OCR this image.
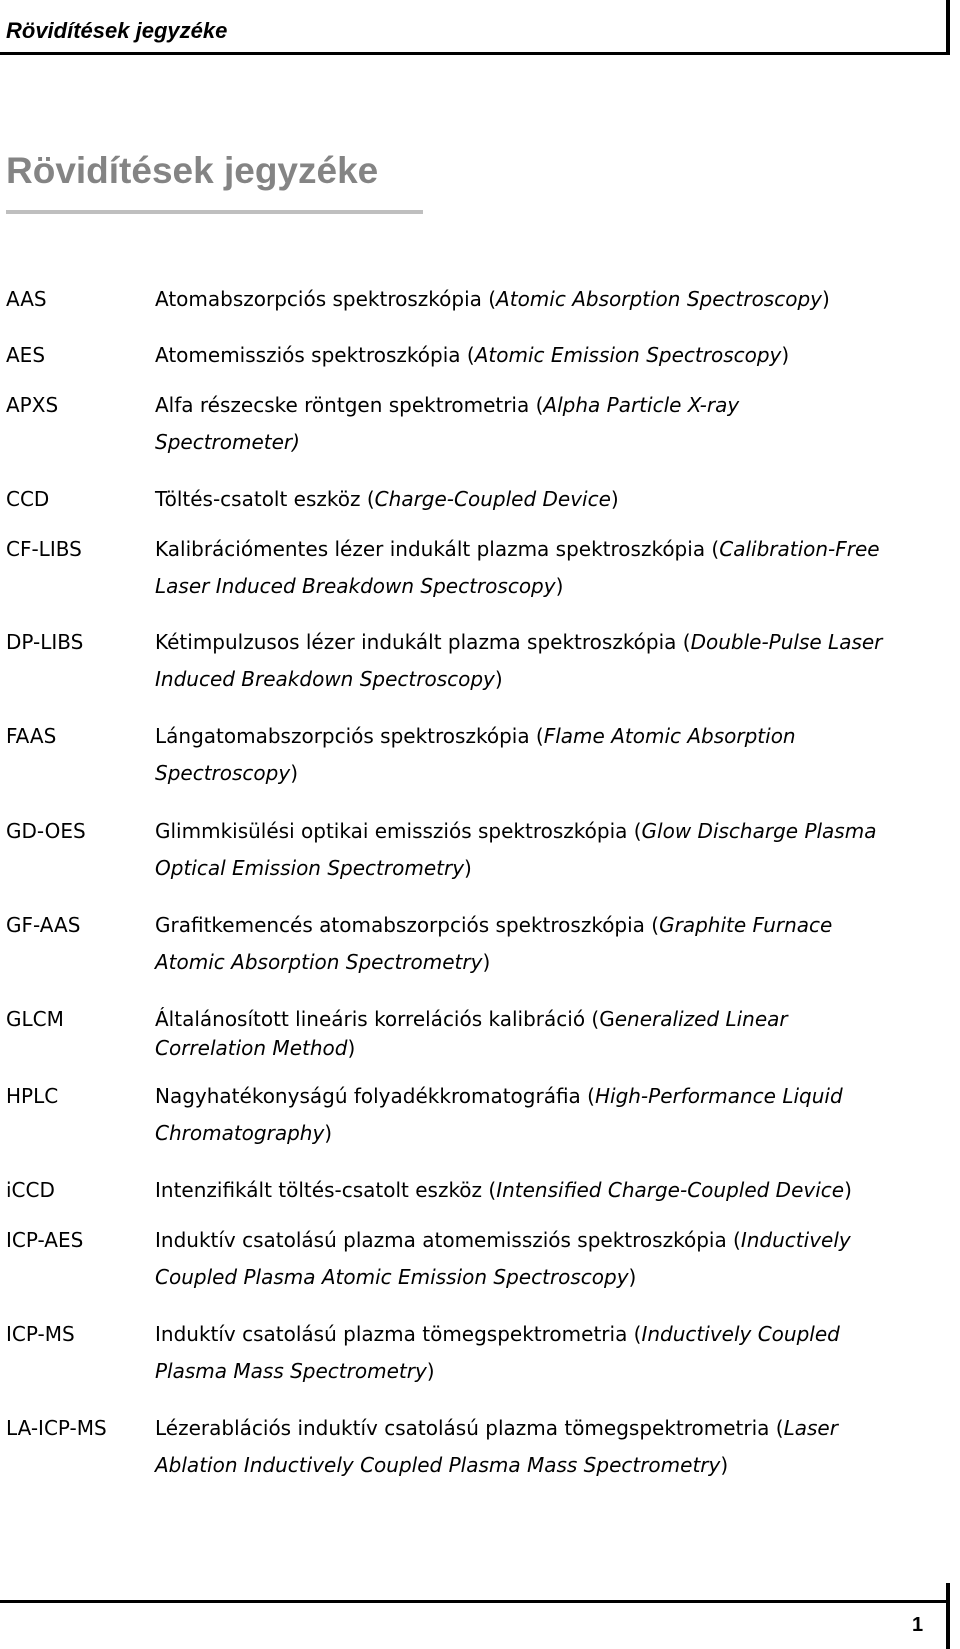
Rövidítések jegyzéke
Rövidítések jegyzéke
AAS	Atomabszorpciós spektroszkópia (Atomic Absorption Spectroscopy)
AES	Atomemissziós spektroszkópia (Atomic Emission Spectroscopy)
APXS	Alfa részecske röntgen spektrometria (Alpha Particle X-ray
Spectrometer)
CCD	Töltés-csatolt eszköz (Charge-Coupled Device)
CF-LIBS	Kalibrációmentes lézer indukált plazma spektroszkópia (Calibration-Free
Laser Induced Breakdown Spectroscopy)
DP-LIBS	Kétimpulzusos lézer indukált plazma spektroszkópia (Double-Pulse Laser
Induced Breakdown Spectroscopy)
FAAS	Lángatomabszorpciós spektroszkópia (Flame Atomic Absorption
Spectroscopy)
GD-OES	Glimmkisülési optikai emissziós spektroszkópia (Glow Discharge Plasma
Optical Emission Spectrometry)
GF-AAS	Grafitkemencés atomabszorpciós spektroszkópia (Graphite Furnace
Atomic Absorption Spectrometry)
GLCM	Általánosított lineáris korrelációs kalibráció (Generalized Linear
Correlation Method)
HPLC	Nagyhatékonyságú folyadékkromatográfia (High-Performance Liquid
Chromatography)
iCCD	Intenzifikált töltés-csatolt eszköz (Intensified Charge-Coupled Device)
ICP-AES	Induktív csatolású plazma atomemissziós spektroszkópia (Inductively
Coupled Plasma Atomic Emission Spectroscopy)
ICP-MS	Induktív csatolású plazma tömegspektrometria (Inductively Coupled
Plasma Mass Spectrometry)
LA-ICP-MS Lézerablációs induktív csatolású plazma tömegspektrometria (Laser
Ablation Inductively Coupled Plasma Mass Spectrometry)
1
